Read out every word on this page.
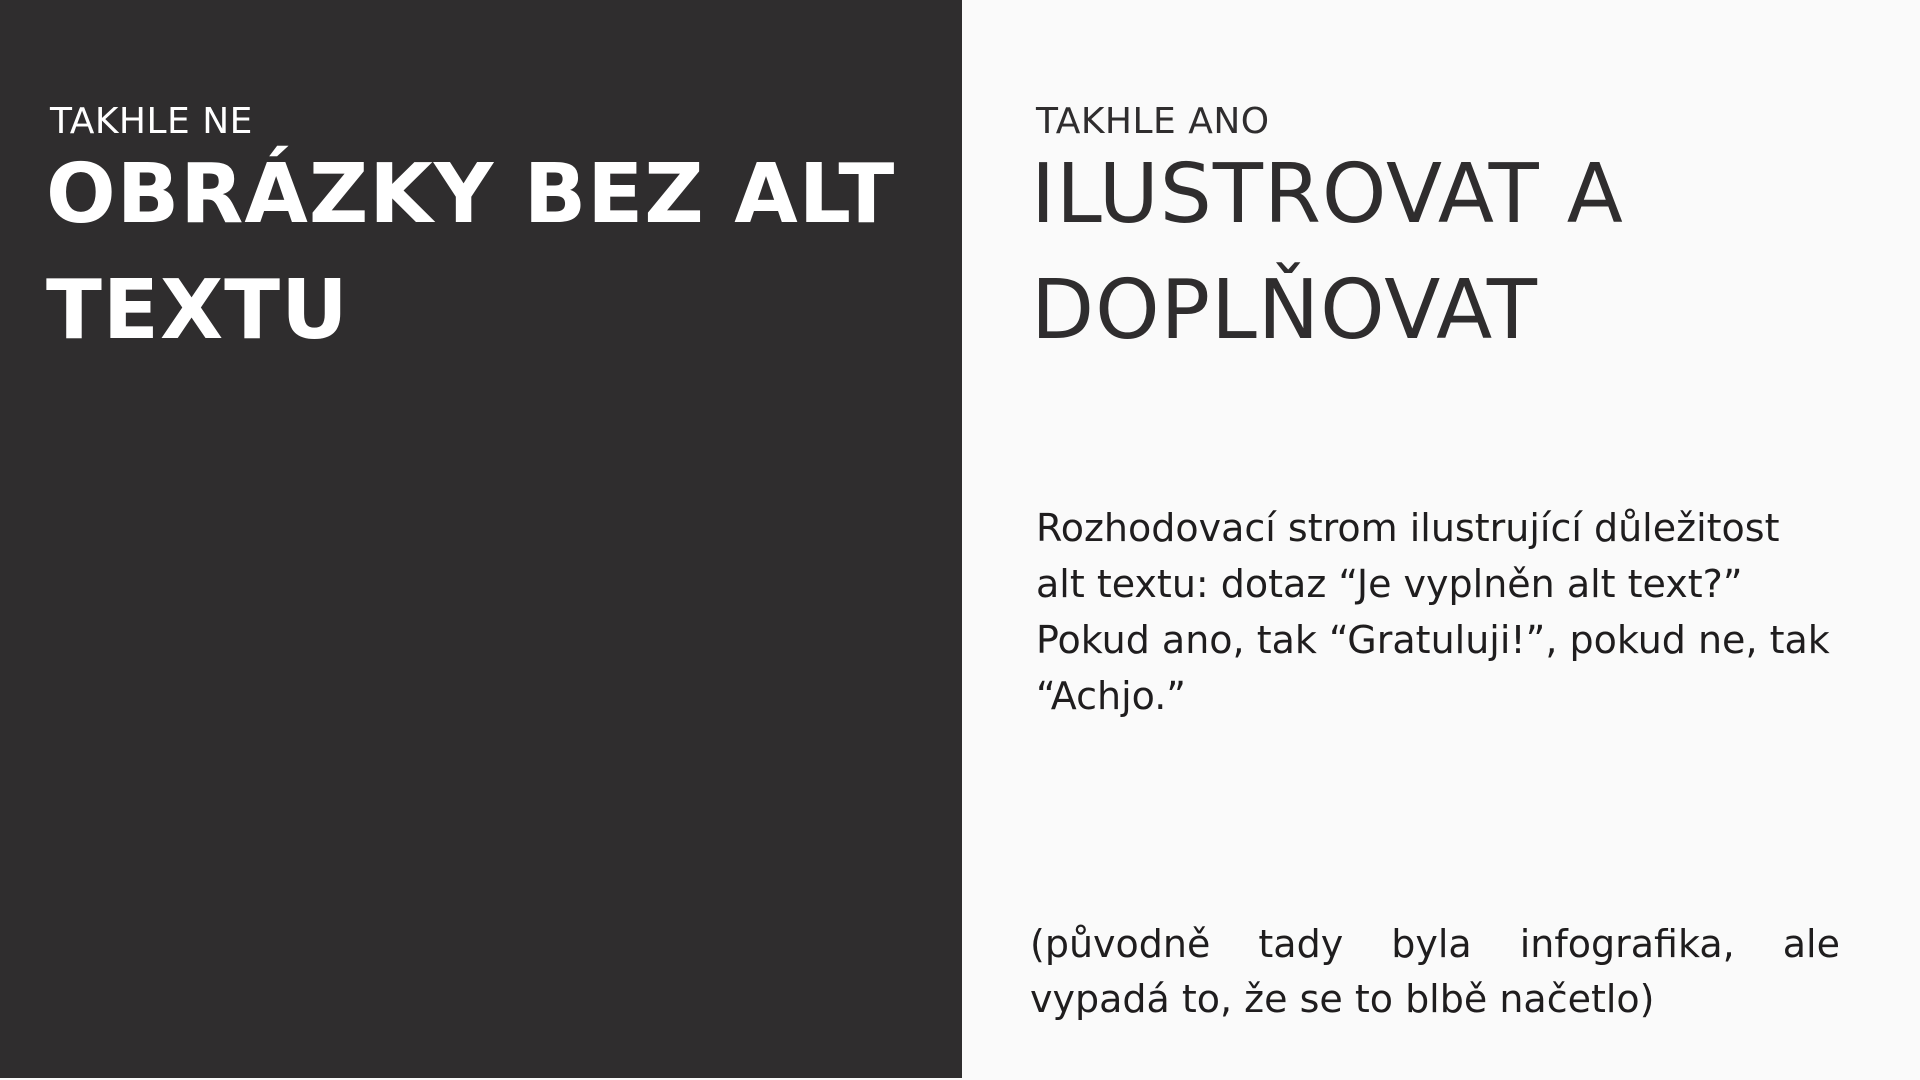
TAKHLE NE
OBRÁZKY BEZ ALT
TEXTU
TAKHLE ANO
ILUSTROVAT A
DOPLŇOVAT
Rozhodovací strom ilustrující důležitost
alt textu: dotaz “Je vyplněn alt text?”
Pokud ano, tak “Gratuluji!”, pokud ne, tak
“Achjo.”
(původně tady byla infografika, ale
vypadá to, že se to blbě načetlo)
